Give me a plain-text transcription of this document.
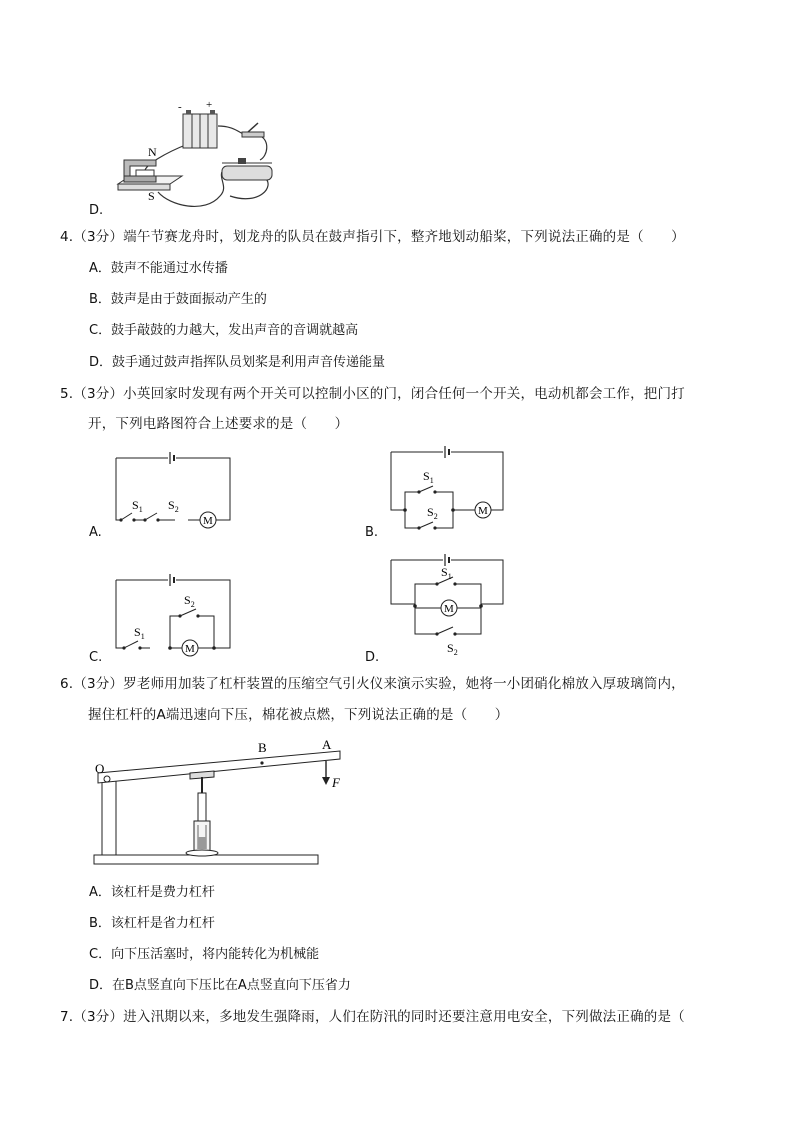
- +
N
S
D.
4.（3分）端午节赛龙舟时，划龙舟的队员在鼓声指引下，整齐地划动船桨，下列说法正确的是（　　）
A．鼓声不能通过水传播
B．鼓声是由于鼓面振动产生的
C．鼓手敲鼓的力越大，发出声音的音调就越高
D．鼓手通过鼓声指挥队员划桨是利用声音传递能量
5.（3分）小英回家时发现有两个开关可以控制小区的门，闭合任何一个开关，电动机都会工作，把门打
开，下列电路图符合上述要求的是（　　）
M
$S_1$ $S_2$
A.
M
$S_1$
$S_2$
B.
M
$S_1$
$S_2$
C.
M
$S_1$
$S_2$
D.
6.（3分）罗老师用加装了杠杆装置的压缩空气引火仪来演示实验，她将一小团硝化棉放入厚玻璃筒内，
握住杠杆的A端迅速向下压，棉花被点燃，下列说法正确的是（　　）
O
B	A
F
A．该杠杆是费力杠杆
B．该杠杆是省力杠杆
C．向下压活塞时，将内能转化为机械能
D．在B点竖直向下压比在A点竖直向下压省力
7.（3分）进入汛期以来，多地发生强降雨，人们在防汛的同时还要注意用电安全，下列做法正确的是（
